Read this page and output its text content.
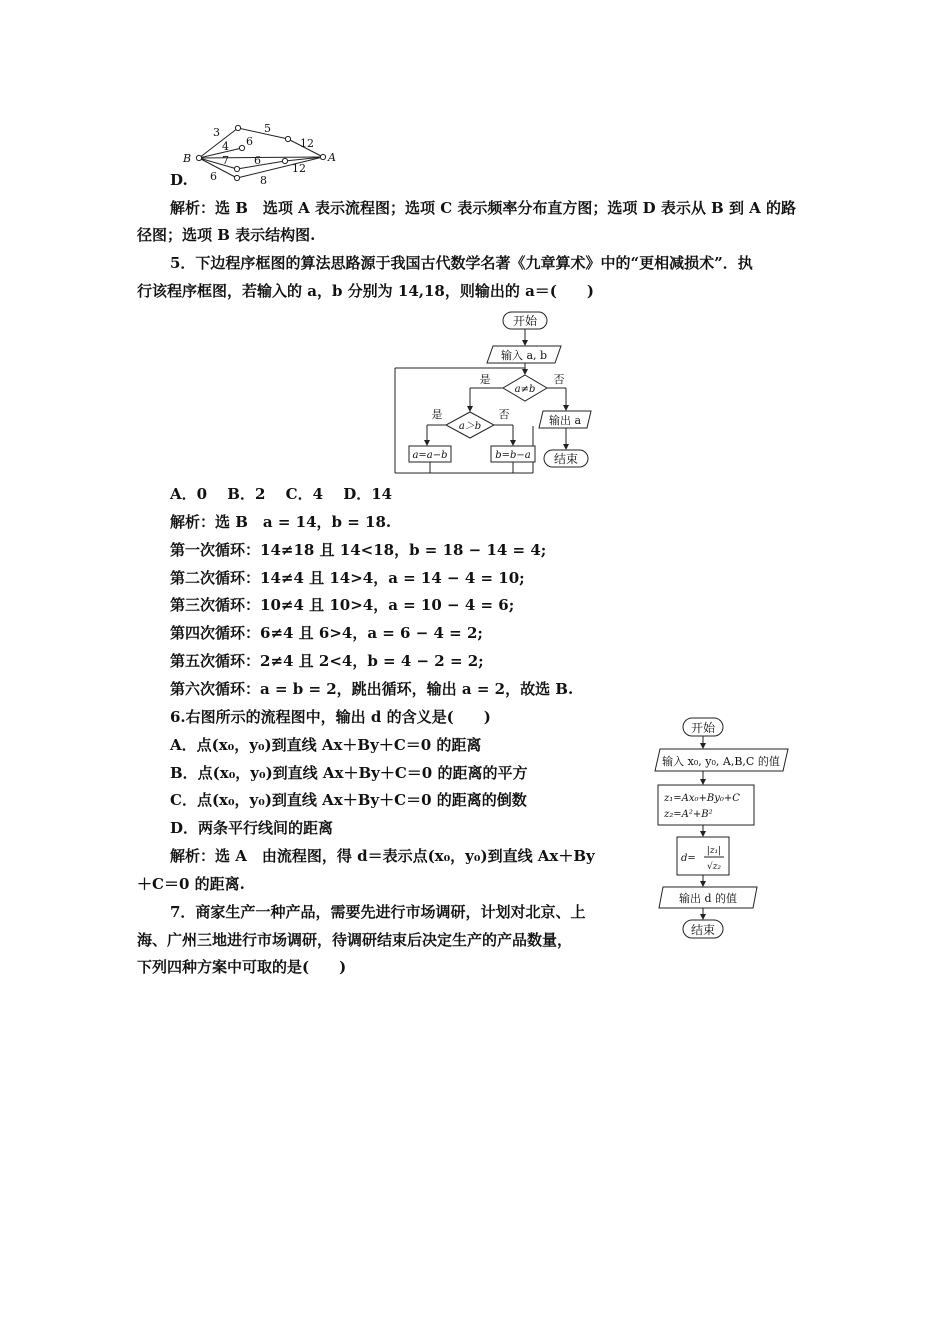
D.
B	A
3	5
4 6	12
7 6
12
6	8
解析：选 B　选项 A 表示流程图；选项 C 表示频率分布直方图；选项 D 表示从 B 到 A 的路
径图；选项 B 表示结构图.
5．下边程序框图的算法思路源于我国古代数学名著《九章算术》中的“更相减损术”．执
行该程序框图，若输入的 a，b 分别为 14,18，则输出的 a＝(　　)
开始
输入 a, b
a≠b
a＞b
是	否
是	否
a=a−b	b=b−a
输出 a
结束
A．0　 B．2　 C．4　 D．14
解析：选 B　a = 14，b = 18.
第一次循环：14≠18 且 14<18，b = 18 − 14 = 4;
第二次循环：14≠4 且 14>4，a = 14 − 4 = 10;
第三次循环：10≠4 且 10>4，a = 10 − 4 = 6;
第四次循环：6≠4 且 6>4，a = 6 − 4 = 2;
第五次循环：2≠4 且 2<4，b = 4 − 2 = 2;
第六次循环：a = b = 2，跳出循环，输出 a = 2，故选 B.
6.右图所示的流程图中，输出 d 的含义是(　　)
A．点(x₀，y₀)到直线 Ax＋By＋C＝0 的距离
B．点(x₀，y₀)到直线 Ax＋By＋C＝0 的距离的平方
C．点(x₀，y₀)到直线 Ax＋By＋C＝0 的距离的倒数
D．两条平行线间的距离
解析：选 A　由流程图，得 d＝表示点(x₀，y₀)到直线 Ax＋By
＋C＝0 的距离.
开始
输入 x₀, y₀, A,B,C 的值
z₁=Ax₀+By₀+C
z₂=A²+B²
d=
|z₁|
√z₂
输出 d 的值
结束
7．商家生产一种产品，需要先进行市场调研，计划对北京、上
海、广州三地进行市场调研，待调研结束后决定生产的产品数量，
下列四种方案中可取的是(　　)
